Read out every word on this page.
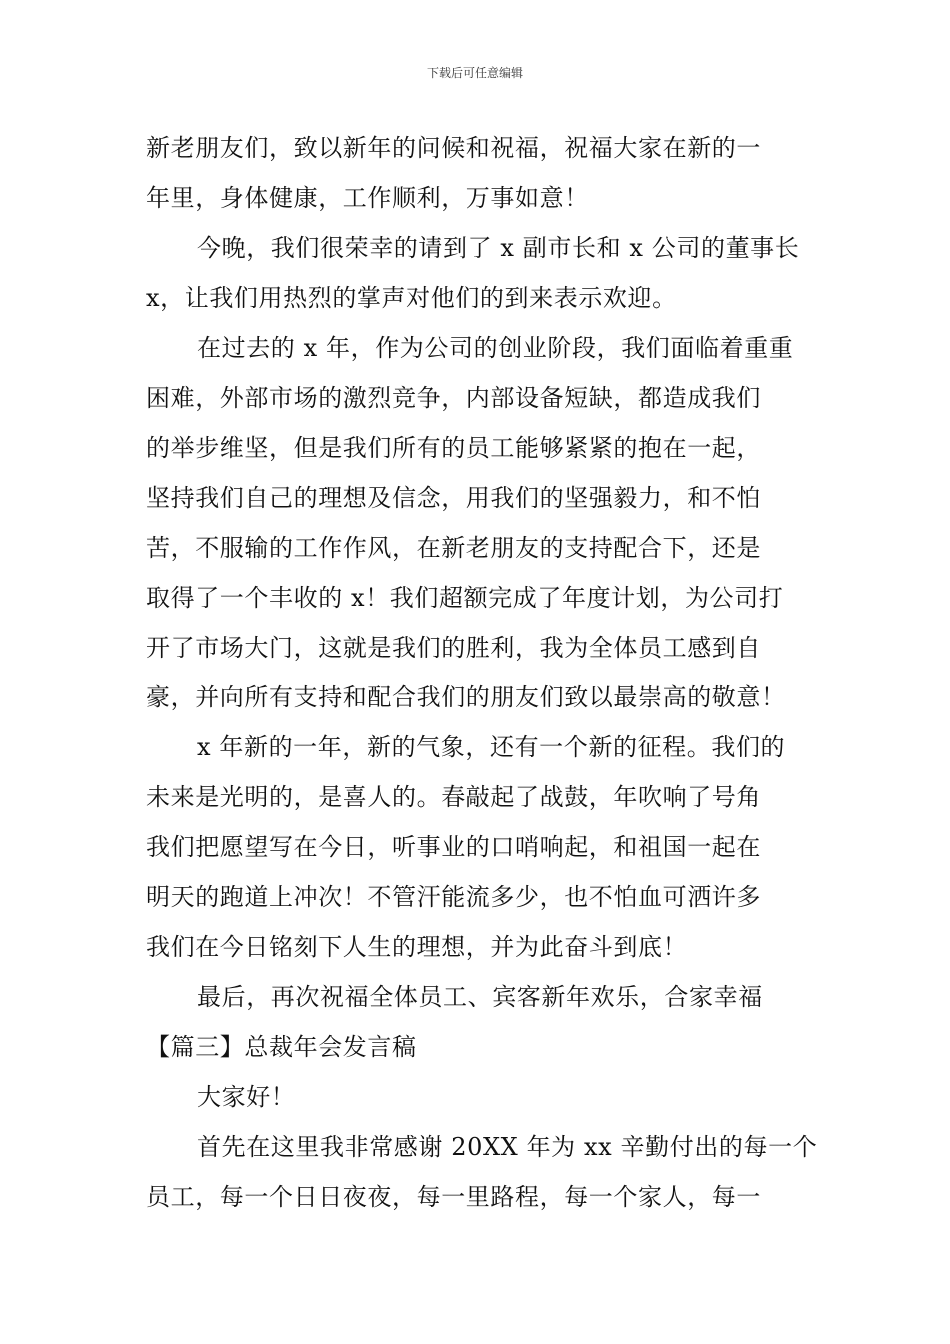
下载后可任意编辑
新老朋友们，致以新年的问候和祝福，祝福大家在新的一
年里，身体健康，工作顺利，万事如意！
今晚，我们很荣幸的请到了 x 副市长和 x 公司的董事长
x，让我们用热烈的掌声对他们的到来表示欢迎。
在过去的 x 年，作为公司的创业阶段，我们面临着重重
困难，外部市场的激烈竞争，内部设备短缺，都造成我们
的举步维坚，但是我们所有的员工能够紧紧的抱在一起，
坚持我们自己的理想及信念，用我们的坚强毅力，和不怕
苦，不服输的工作作风，在新老朋友的支持配合下，还是
取得了一个丰收的 x！我们超额完成了年度计划，为公司打
开了市场大门，这就是我们的胜利，我为全体员工感到自
豪，并向所有支持和配合我们的朋友们致以最崇高的敬意！
x 年新的一年，新的气象，还有一个新的征程。我们的
未来是光明的，是喜人的。春敲起了战鼓，年吹响了号角
我们把愿望写在今日，听事业的口哨响起，和祖国一起在
明天的跑道上冲次！不管汗能流多少，也不怕血可洒许多
我们在今日铭刻下人生的理想，并为此奋斗到底！
最后，再次祝福全体员工、宾客新年欢乐，合家幸福
【篇三】总裁年会发言稿
大家好！
首先在这里我非常感谢 20XX 年为 xx 辛勤付出的每一个
员工，每一个日日夜夜，每一里路程，每一个家人，每一
